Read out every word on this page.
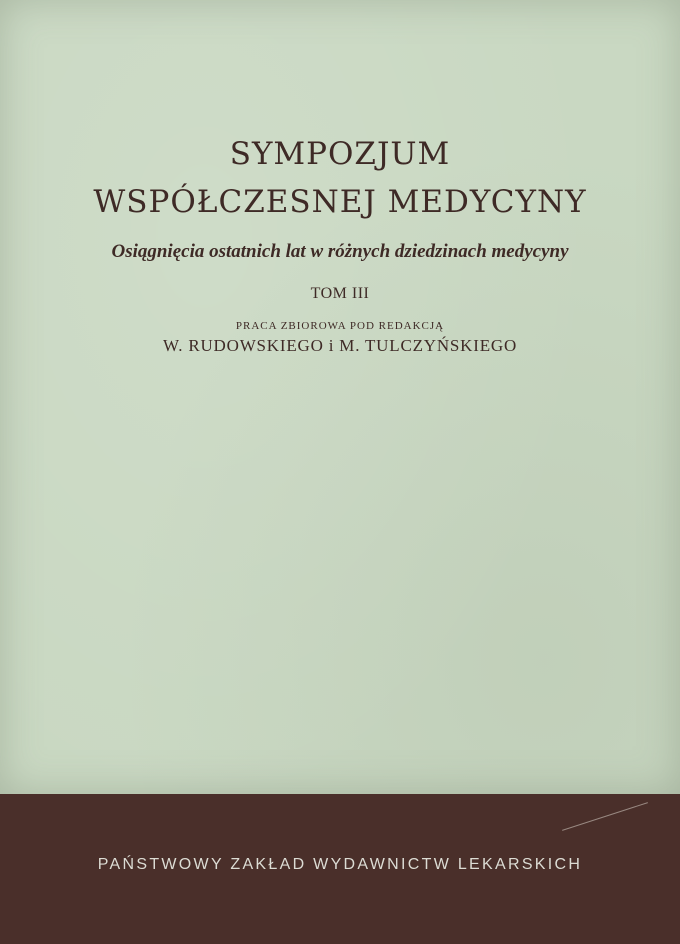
SYMPOZJUM
WSPÓŁCZESNEJ MEDYCYNY
Osiągnięcia ostatnich lat w różnych dziedzinach medycyny
TOM III
PRACA ZBIOROWA POD REDAKCJĄ
W. RUDOWSKIEGO i M. TULCZYŃSKIEGO
PAŃSTWOWY ZAKŁAD WYDAWNICTW LEKARSKICH
